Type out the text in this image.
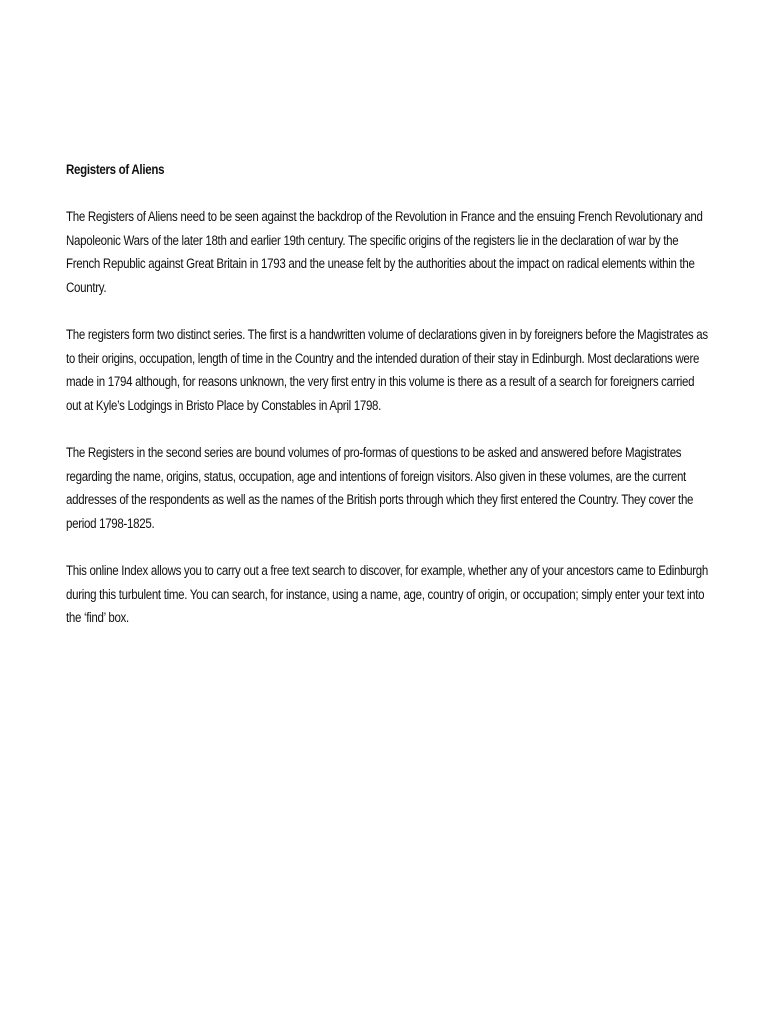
Registers of Aliens

The Registers of Aliens need to be seen against the backdrop of the Revolution in France and the ensuing French Revolutionary and Napoleonic Wars of the later 18th and earlier 19th century. The specific origins of the registers lie in the declaration of war by the French Republic against Great Britain in 1793 and the unease felt by the authorities about the impact on radical elements within the Country.

The registers form two distinct series. The first is a handwritten volume of declarations given in by foreigners before the Magistrates as to their origins, occupation, length of time in the Country and the intended duration of their stay in Edinburgh. Most declarations were made in 1794 although, for reasons unknown, the very first entry in this volume is there as a result of a search for foreigners carried out at Kyle’s Lodgings in Bristo Place by Constables in April 1798.

The Registers in the second series are bound volumes of pro-formas of questions to be asked and answered before Magistrates regarding the name, origins, status, occupation, age and intentions of foreign visitors. Also given in these volumes, are the current addresses of the respondents as well as the names of the British ports through which they first entered the Country. They cover the period 1798-1825.

This online Index allows you to carry out a free text search to discover, for example, whether any of your ancestors came to Edinburgh during this turbulent time. You can search, for instance, using a name, age, country of origin, or occupation; simply enter your text into the ‘find’ box.
